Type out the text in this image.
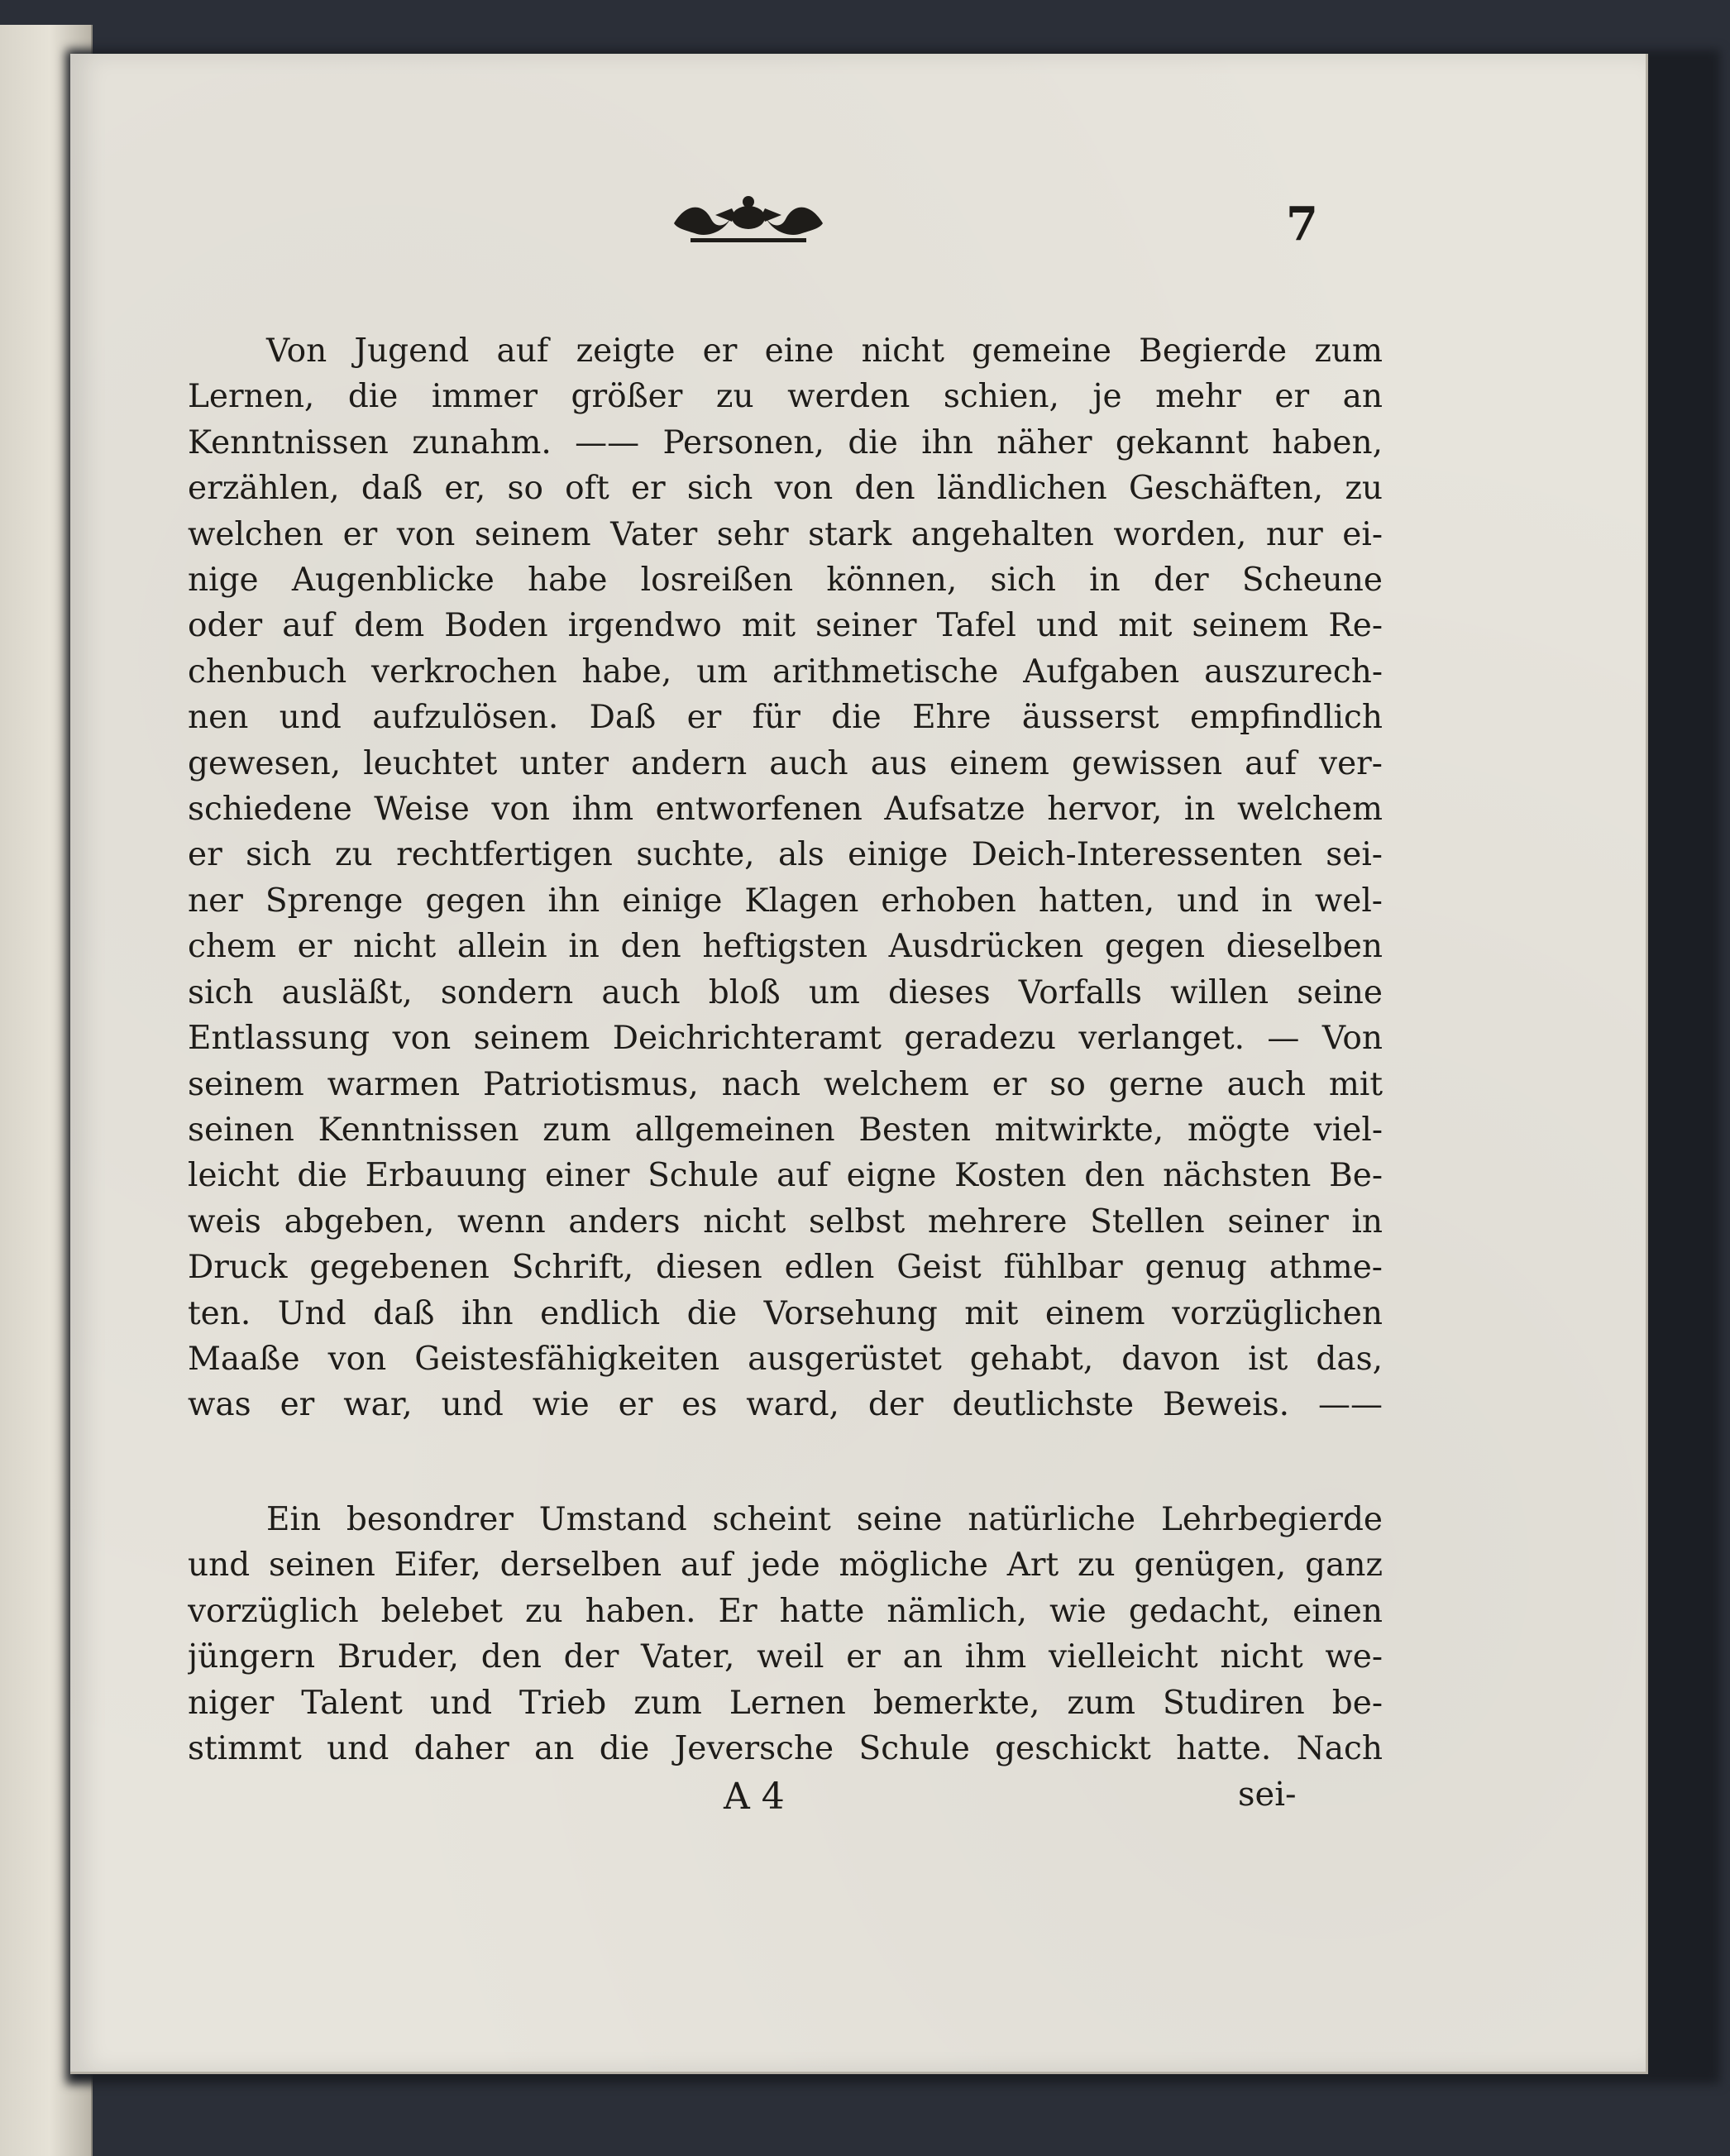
7
Von Jugend auf zeigte er eine nicht gemeine Begierde zum
Lernen, die immer größer zu werden schien, je mehr er an
Kenntnissen zunahm. —— Personen, die ihn näher gekannt haben,
erzählen, daß er, so oft er sich von den ländlichen Geschäften, zu
welchen er von seinem Vater sehr stark angehalten worden, nur ei-
nige Augenblicke habe losreißen können, sich in der Scheune
oder auf dem Boden irgendwo mit seiner Tafel und mit seinem Re-
chenbuch verkrochen habe, um arithmetische Aufgaben auszurech-
nen und aufzulösen. Daß er für die Ehre äusserst empfindlich
gewesen, leuchtet unter andern auch aus einem gewissen auf ver-
schiedene Weise von ihm entworfenen Aufsatze hervor, in welchem
er sich zu rechtfertigen suchte, als einige Deich-Interessenten sei-
ner Sprenge gegen ihn einige Klagen erhoben hatten, und in wel-
chem er nicht allein in den heftigsten Ausdrücken gegen dieselben
sich ausläßt, sondern auch bloß um dieses Vorfalls willen seine
Entlassung von seinem Deichrichteramt geradezu verlanget. — Von
seinem warmen Patriotismus, nach welchem er so gerne auch mit
seinen Kenntnissen zum allgemeinen Besten mitwirkte, mögte viel-
leicht die Erbauung einer Schule auf eigne Kosten den nächsten Be-
weis abgeben, wenn anders nicht selbst mehrere Stellen seiner in
Druck gegebenen Schrift, diesen edlen Geist fühlbar genug athme-
ten. Und daß ihn endlich die Vorsehung mit einem vorzüglichen
Maaße von Geistesfähigkeiten ausgerüstet gehabt, davon ist das,
was er war, und wie er es ward, der deutlichste Beweis. ——
Ein besondrer Umstand scheint seine natürliche Lehrbegierde
und seinen Eifer, derselben auf jede mögliche Art zu genügen, ganz
vorzüglich belebet zu haben. Er hatte nämlich, wie gedacht, einen
jüngern Bruder, den der Vater, weil er an ihm vielleicht nicht we-
niger Talent und Trieb zum Lernen bemerkte, zum Studiren be-
stimmt und daher an die Jeversche Schule geschickt hatte. Nach
A 4	sei-
